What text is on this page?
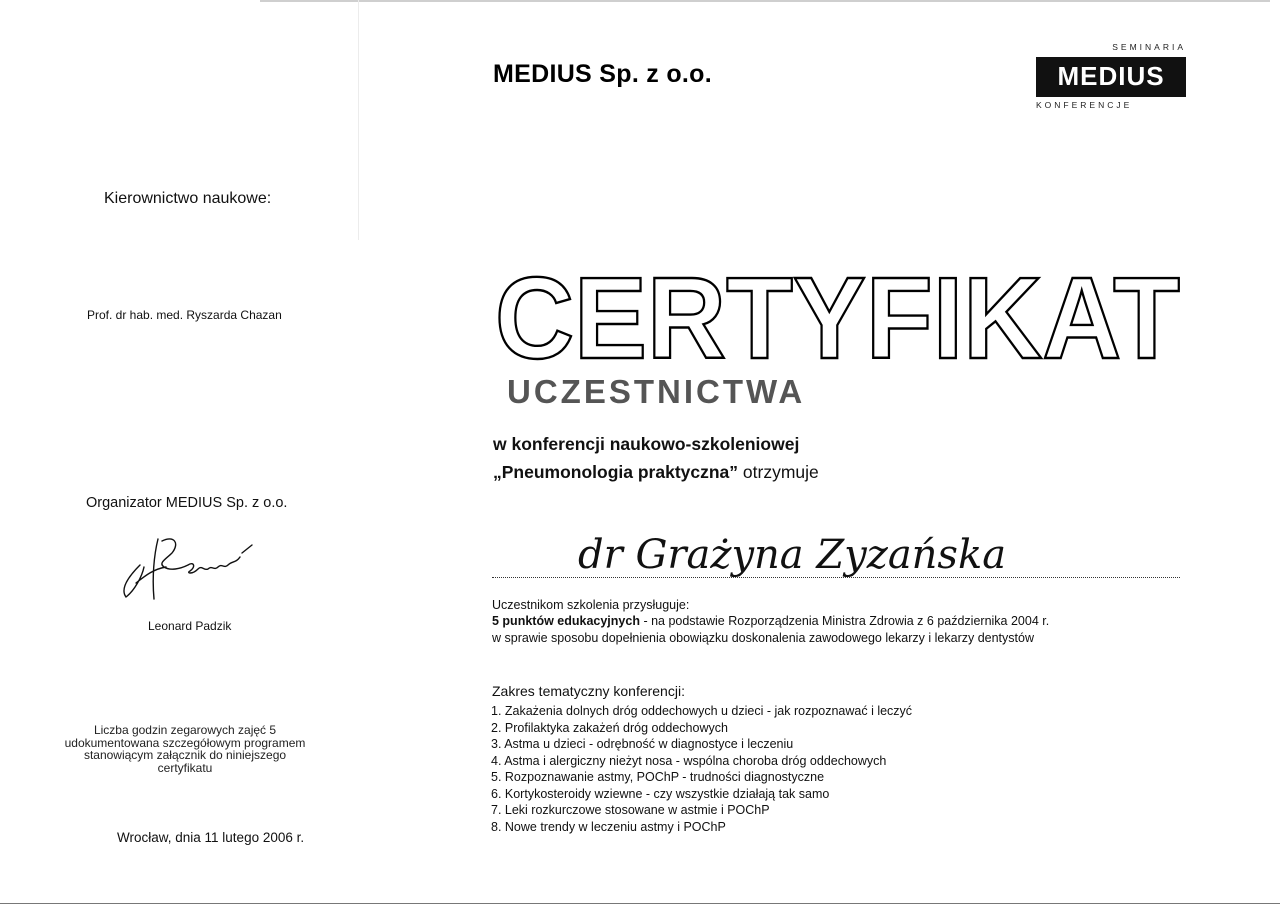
MEDIUS Sp. z o.o.
SEMINARIA
MEDIUS
KONFERENCJE
Kierownictwo naukowe:
Prof. dr hab. med. Ryszarda Chazan
Organizator MEDIUS Sp. z o.o.
Leonard Padzik
Liczba godzin zegarowych zajęć 5 udokumentowana szczegółowym programem stanowiącym załącznik do niniejszego certyfikatu
Wrocław, dnia 11 lutego 2006 r.
CERTYFIKAT
UCZESTNICTWA
w konferencji naukowo-szkoleniowej
„Pneumonologia praktyczna” otrzymuje
dr Grażyna Zyzańska
Uczestnikom szkolenia przysługuje:
5 punktów edukacyjnych - na podstawie Rozporządzenia Ministra Zdrowia z 6 października 2004 r.
w sprawie sposobu dopełnienia obowiązku doskonalenia zawodowego lekarzy i lekarzy dentystów
Zakres tematyczny konferencji:
1. Zakażenia dolnych dróg oddechowych u dzieci - jak rozpoznawać i leczyć
2. Profilaktyka zakażeń dróg oddechowych
3. Astma u dzieci - odrębność w diagnostyce i leczeniu
4. Astma i alergiczny nieżyt nosa - wspólna choroba dróg oddechowych
5. Rozpoznawanie astmy, POChP - trudności diagnostyczne
6. Kortykosteroidy wziewne - czy wszystkie działają tak samo
7. Leki rozkurczowe stosowane w astmie i POChP
8. Nowe trendy w leczeniu astmy i POChP
